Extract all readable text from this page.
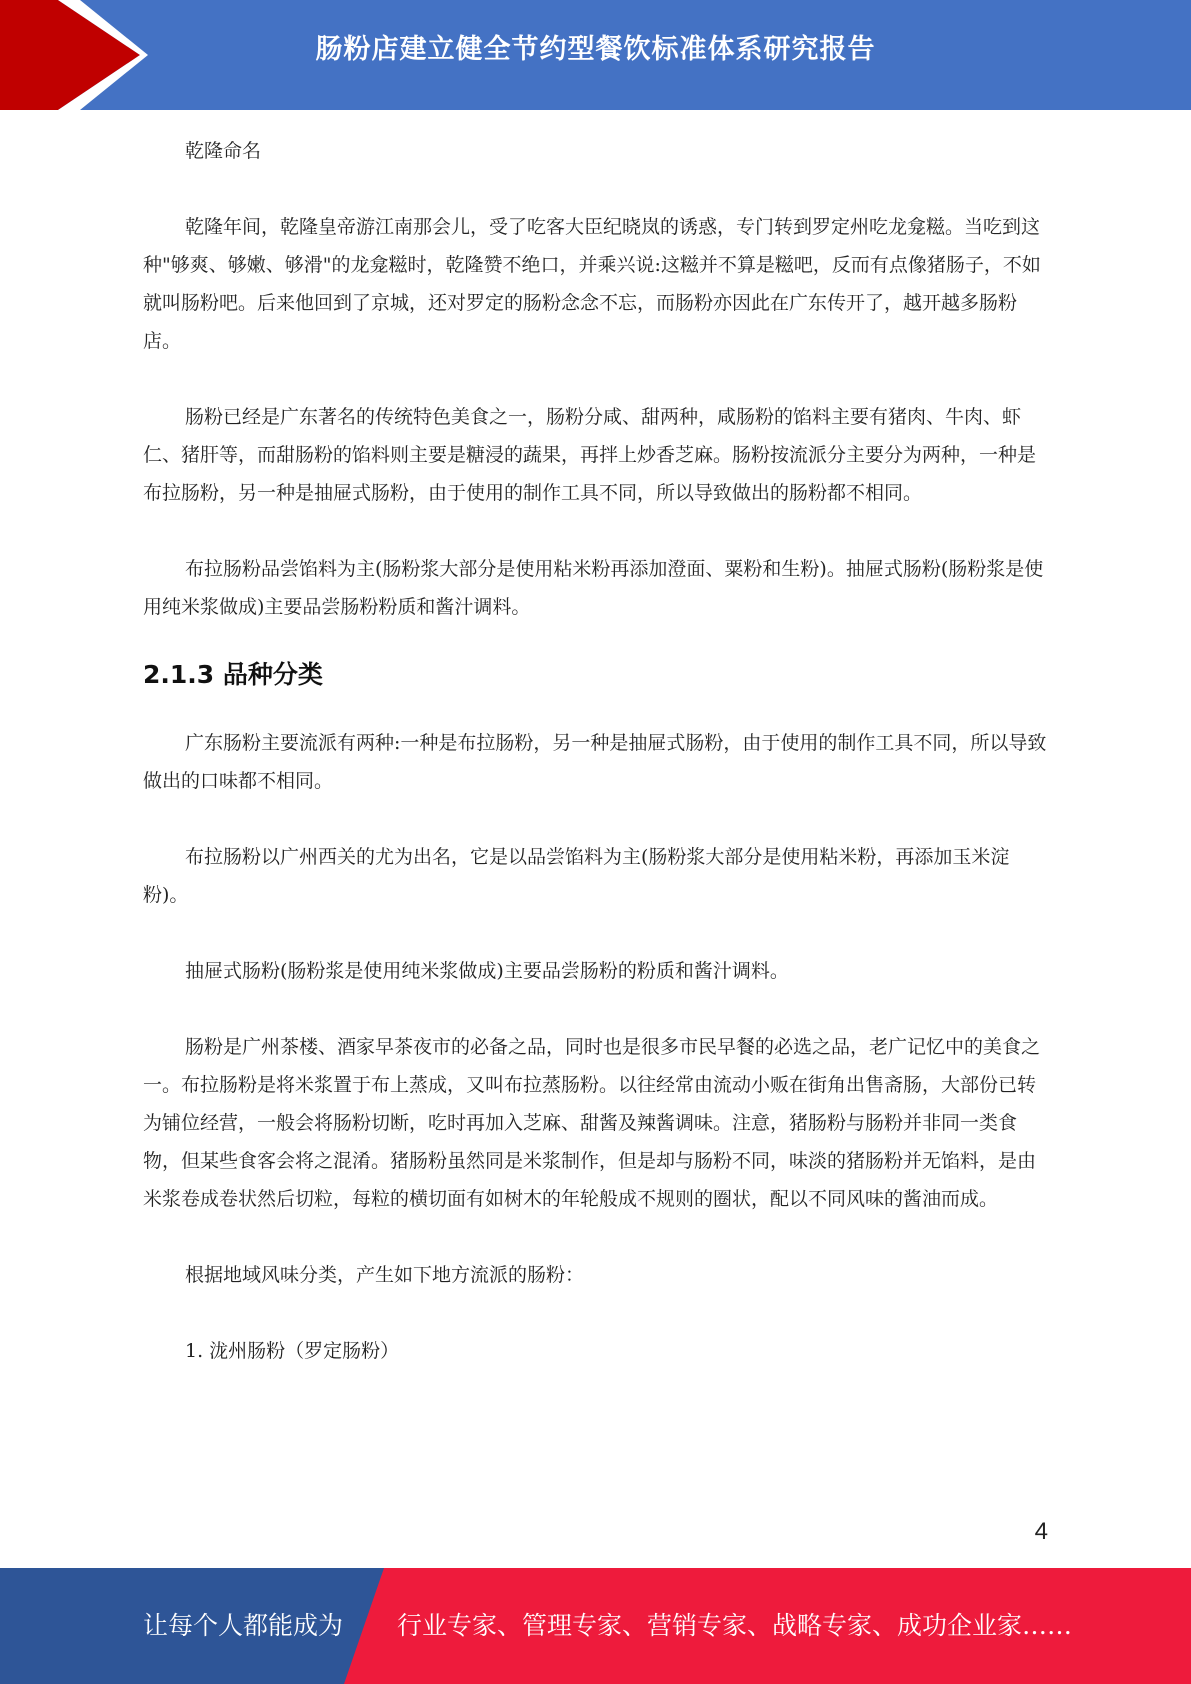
肠粉店建立健全节约型餐饮标准体系研究报告

乾隆命名

乾隆年间，乾隆皇帝游江南那会儿，受了吃客大臣纪晓岚的诱惑，专门转到罗定州吃龙龛糍。当吃到这种"够爽、够嫩、够滑"的龙龛糍时，乾隆赞不绝口，并乘兴说:这糍并不算是糍吧，反而有点像猪肠子，不如就叫肠粉吧。后来他回到了京城，还对罗定的肠粉念念不忘，而肠粉亦因此在广东传开了，越开越多肠粉店。

肠粉已经是广东著名的传统特色美食之一，肠粉分咸、甜两种，咸肠粉的馅料主要有猪肉、牛肉、虾仁、猪肝等，而甜肠粉的馅料则主要是糖浸的蔬果，再拌上炒香芝麻。肠粉按流派分主要分为两种，一种是布拉肠粉，另一种是抽屉式肠粉，由于使用的制作工具不同，所以导致做出的肠粉都不相同。

布拉肠粉品尝馅料为主(肠粉浆大部分是使用粘米粉再添加澄面、粟粉和生粉)。抽屉式肠粉(肠粉浆是使用纯米浆做成)主要品尝肠粉粉质和酱汁调料。

2.1.3 品种分类

广东肠粉主要流派有两种:一种是布拉肠粉，另一种是抽屉式肠粉，由于使用的制作工具不同，所以导致做出的口味都不相同。

布拉肠粉以广州西关的尤为出名，它是以品尝馅料为主(肠粉浆大部分是使用粘米粉，再添加玉米淀粉)。

抽屉式肠粉(肠粉浆是使用纯米浆做成)主要品尝肠粉的粉质和酱汁调料。

肠粉是广州茶楼、酒家早茶夜市的必备之品，同时也是很多市民早餐的必选之品，老广记忆中的美食之一。布拉肠粉是将米浆置于布上蒸成，又叫布拉蒸肠粉。以往经常由流动小贩在街角出售斋肠，大部份已转为铺位经营，一般会将肠粉切断，吃时再加入芝麻、甜酱及辣酱调味。注意，猪肠粉与肠粉并非同一类食物，但某些食客会将之混淆。猪肠粉虽然同是米浆制作，但是却与肠粉不同，味淡的猪肠粉并无馅料，是由米浆卷成卷状然后切粒，每粒的横切面有如树木的年轮般成不规则的圈状，配以不同风味的酱油而成。

根据地域风味分类，产生如下地方流派的肠粉：

1. 泷州肠粉（罗定肠粉）

4
让每个人都能成为 行业专家、管理专家、营销专家、战略专家、成功企业家……
